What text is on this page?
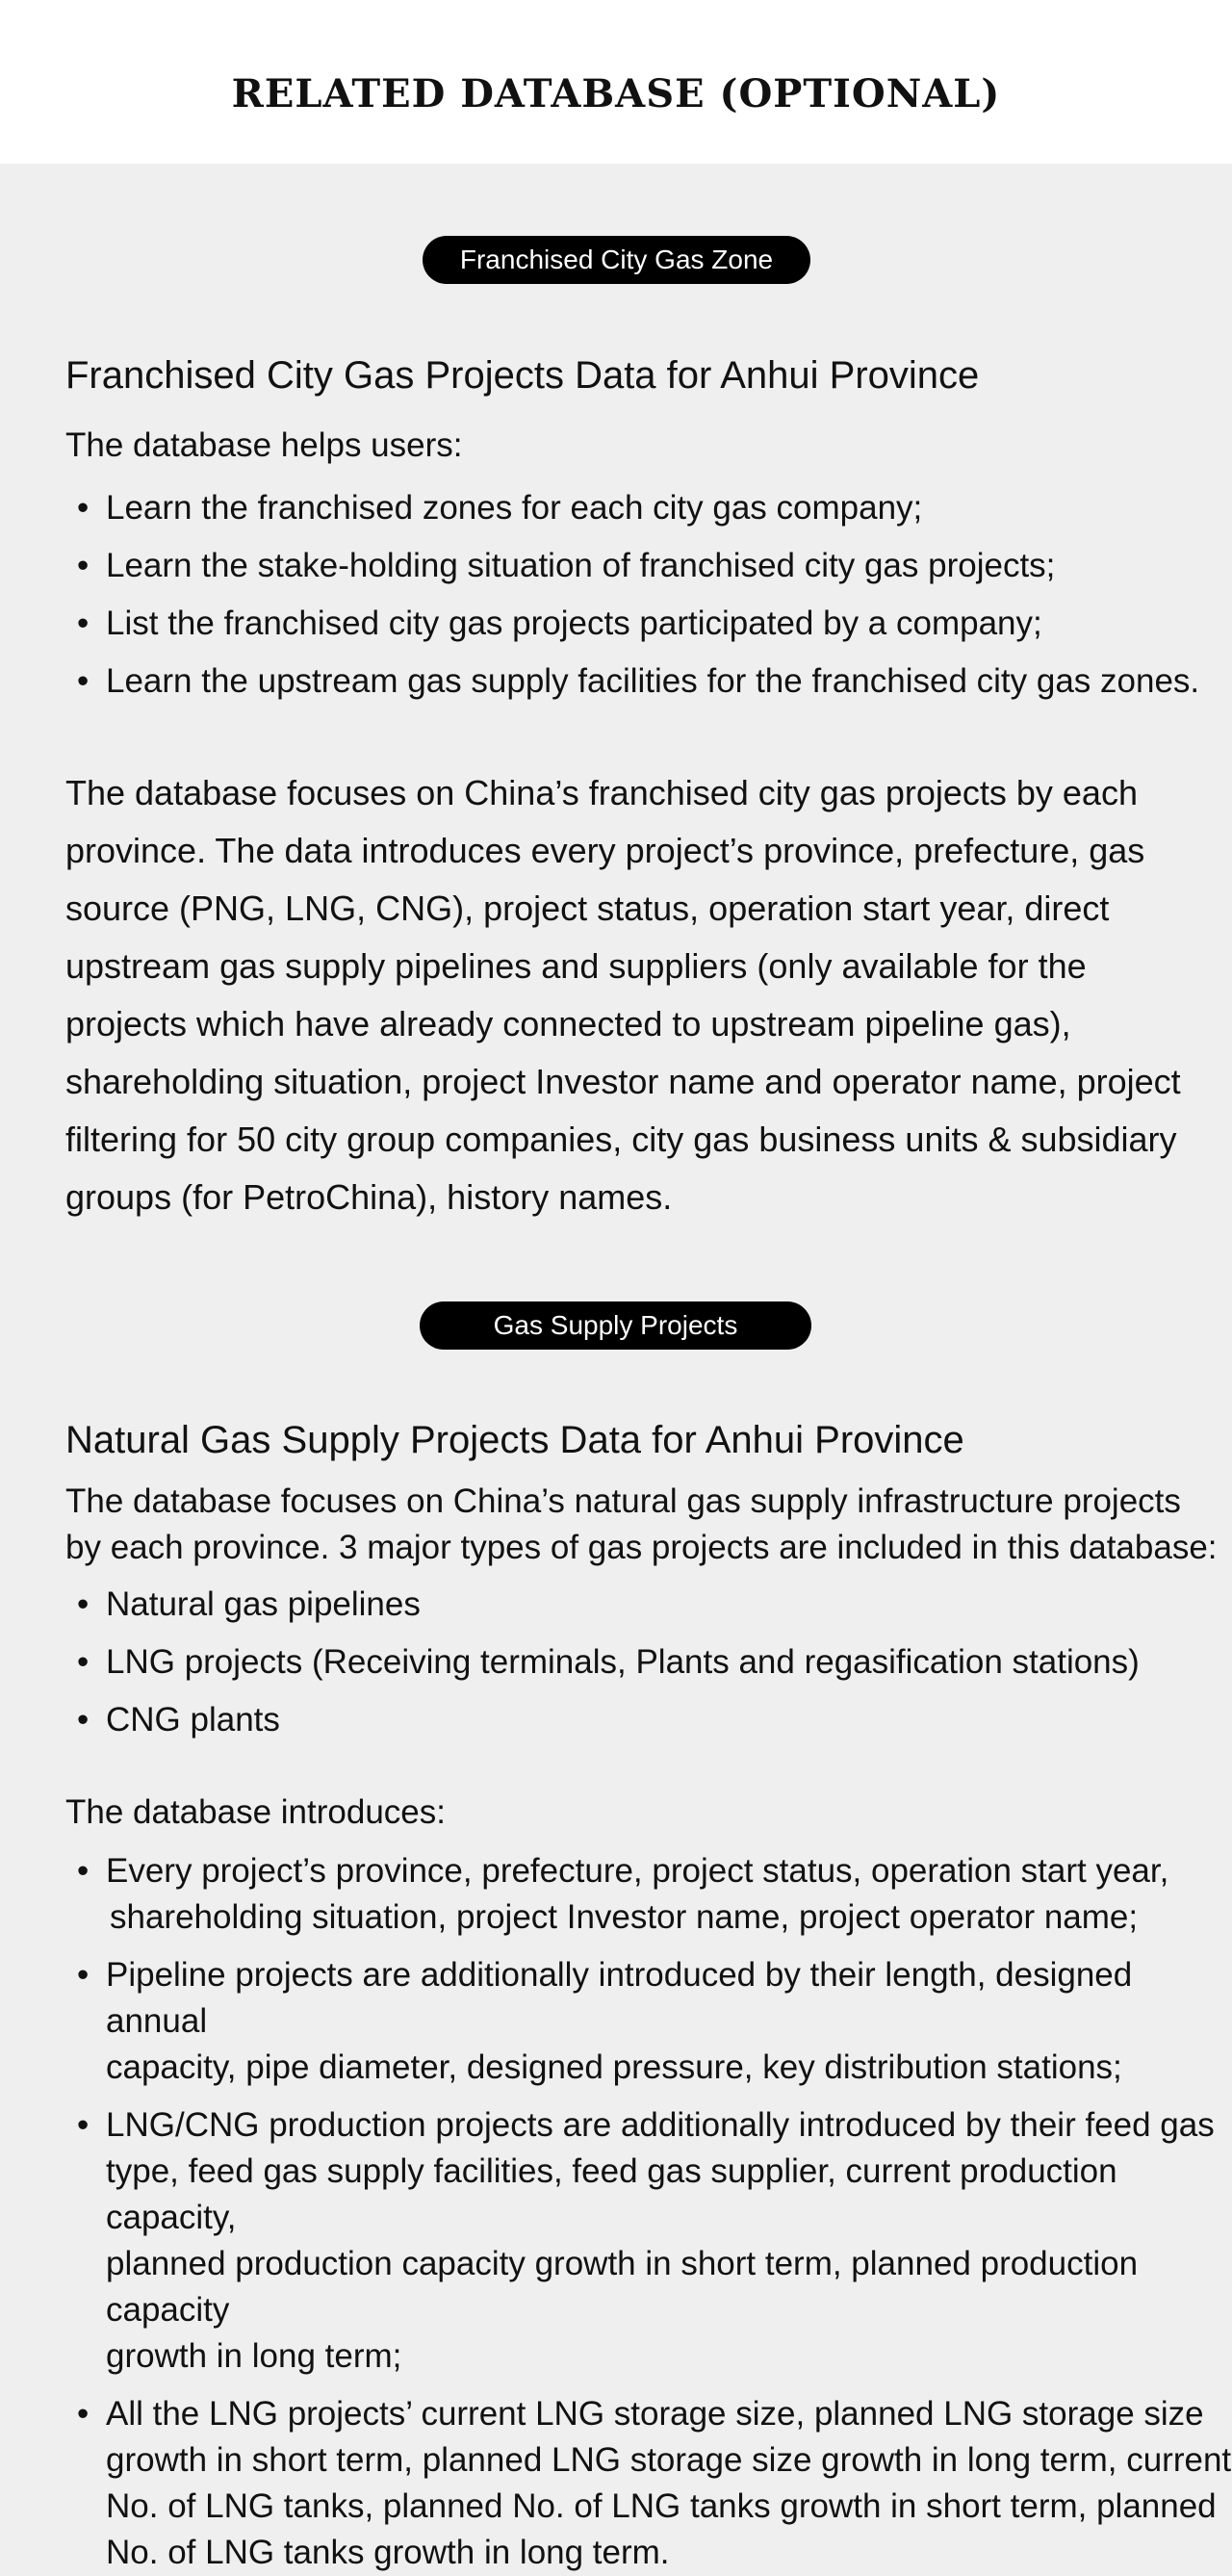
RELATED DATABASE (OPTIONAL)
Franchised City Gas Zone
Franchised City Gas Projects Data for Anhui Province

The database helps users:

• Learn the franchised zones for each city gas company;
• Learn the stake-holding situation of franchised city gas projects;
• List the franchised city gas projects participated by a company;
• Learn the upstream gas supply facilities for the franchised city gas zones.
The database focuses on China’s franchised city gas projects by each
province. The data introduces every project’s province, prefecture, gas
source (PNG, LNG, CNG), project status, operation start year, direct
upstream gas supply pipelines and suppliers (only available for the
projects which have already connected to upstream pipeline gas),
shareholding situation, project Investor name and operator name, project
filtering for 50 city group companies, city gas business units & subsidiary
groups (for PetroChina), history names.
Gas Supply Projects
Natural Gas Supply Projects Data for Anhui Province
The database focuses on China’s natural gas supply infrastructure projects
by each province. 3 major types of gas projects are included in this database:
• Natural gas pipelines
• LNG projects (Receiving terminals, Plants and regasification stations)
• CNG plants

The database introduces:

• Every project’s province, prefecture, project status, operation start year,
shareholding situation, project Investor name, project operator name;
• Pipeline projects are additionally introduced by their length, designed annual
capacity, pipe diameter, designed pressure, key distribution stations;
• LNG/CNG production projects are additionally introduced by their feed gas
type, feed gas supply facilities, feed gas supplier, current production capacity,
planned production capacity growth in short term, planned production capacity
growth in long term;
• All the LNG projects’ current LNG storage size, planned LNG storage size
growth in short term, planned LNG storage size growth in long term, current
No. of LNG tanks, planned No. of LNG tanks growth in short term, planned
No. of LNG tanks growth in long term.
